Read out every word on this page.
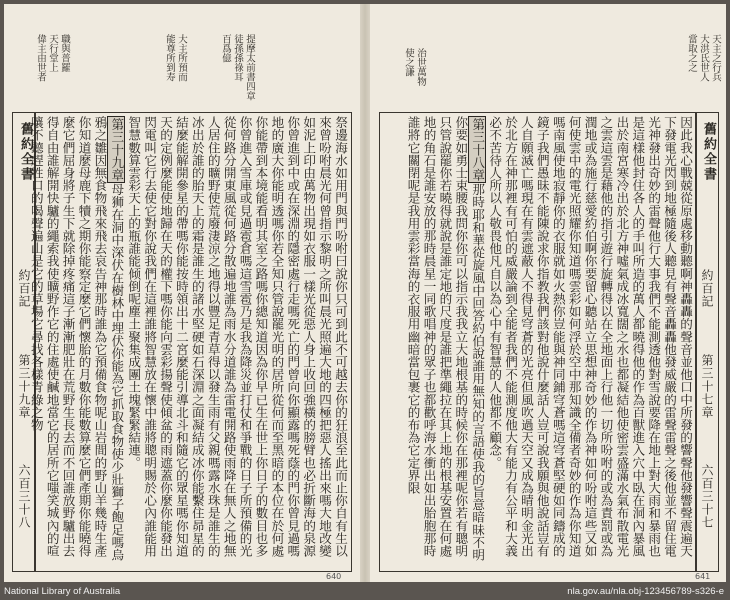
提摩太前書四章
徒孫孫祿耳
百爲億
大主所預而
能尊所到寿
職與普羅
天行堂上
偉主由世者
舊約全書
約百記
第三十九章
六百三十八	祭邊海水如用門與門吩咐曰說你只可到此不可越去你的狂浪至此而止你自有生以來曾吩咐晨光何曾指示黎明之所叫晨光照遍大地的四極把惡人搖出來嗎大地改變如泥上印由萬物出現如衣服一樣光從惡人身上收回強橫的膀臂也必折斷海的泉源你曾進到中或在深淵的隱密處行走嗎死亡的門曾向你顯露嗎死蔭的門你曾見過嗎地的廣大你能明透嗎你若全知只管說罷光明的居所從何而至黑暗的本位在於何處你能帶到本境能看明其室之路嗎你總知道因為你早已生在世上你日子的數目也多你曾進入雪庫或見過雹倉嗎這雪雹乃是我為降災並打仗和爭戰的日子所預備的光從何路分開東風從何路分散遍地誰為雨水分道誰為雷電開路使雨降在無人之地無人居住的曠野使荒廢淒涼之地得以豐足青草得以發生雨有父親嗎露水珠是誰生的冰出於誰的胎天上的霜是誰生的諸水堅硬如石深淵之面凝結成冰你能繫住昴星的結麼能解開參星的帶嗎你能按時領出十二宮麼能引導北斗和隨它的眾星嗎你知道天的定例麼能使地歸在天的權下嗎你能向雲彩揚聲使傾盆的雨遮蓋你麼你能發出閃電叫它行去使它對你說我們在這裡誰將智慧放在懷中誰將聰明賜於心內誰能用智慧數算雲彩天上的瓶誰能倾倒呢塵土聚集成團土塊緊緊結連。

第三十九章母狮在洞中深伏在樹林中埋伏你能為它抓取食物使少壯獅子飽足嗎烏鴉之雛因無食物飛來飛去哀告神那時誰為它預備食物呢山岩間的野山羊幾時生產你知道麼母鹿下犢之期你能察定麼它們懷胎的月數你能數算麼它們產期你能曉得麼它們屈身將子生下就除掉疼痛這子漸漸肥壯在荒野生長去而不回誰放野驢出去得自由誰解開快驢的繩索我使曠野作它的住處使鹹地當它的居所它嗤笑城內的喧嚷不聽趕牲口的喝聲遍山是它的草場它尋找各樣青綠之物

640
天主之行兵
大洪氏世人
當取之之
治世萬物
使之謙
舊約全書
約百記
第三十七章
六百三十七

因此我心戰兢從原處移動聽啊神轟轟的聲音並他口中所發的響聲他發響聲震遍天下發電光閃到地極隨後人聽見有聲音轟轟他發威嚴的雷聲雷聲之後他並不留住電光神發出奇妙的雷聲他行大事我們不能測透他對雪說要降在地上對大雨和暴雨也是這樣他封住各人的手叫所造的萬人都曉得他的作為百獸進入穴中臥在洞內暴風出於南宮寒冷出於北方神噓氣成冰寬闊之水也都凝結他使密雲盛滿水氣布散電光之雲這雲是藉他的指引遊行旋轉得以在全地面上行他一切所吩咐的或為責罰或為潤地或為施行慈愛約伯啊你要留心聽站立思想神奇妙的作為神如何吩咐這些又如何使雲中的電光照耀你知道嗎雲彩如何浮於空中那知識全備者奇妙的作為你知道嗎南風使地寂靜你的衣服就如火熱你豈能與神同鋪穹蒼嗎這穹蒼堅硬如同鑄成的鏡子我們愚昧不能陳說求你指教我們該對他說什麼話人豈可說我願與他說話豈有人自願滅亡嗎現在有雲遮蔽人不得見穹蒼的光亮但風吹過天空又成為晴明金光出於北方在神那裡有可怕的威嚴論到全能者我們不能測度他大有能力有公平和大義必不苦待人所以人敬畏他凡自以為心中有智慧的人他都不顧念。

第三十八章那時耶和華從旋風中回答約伯說誰用無知的言語使我的旨意暗昧不明你要如勇士束腰我問你你可以指示我我立大地根基的時候你在那裡呢你若有聰明只管說罷你若曉得就說是誰定地的尺度是誰把準繩拉在其上地的根基安置在何處地的角石是誰安放的那時晨星一同歌唱神的眾子也都歡呼海水衝出如出胎胞那時誰將它關閉呢是我用雲彩當海的衣服用幽暗當包裹它的布為它定界限

641
National Library of Australia	nla.gov.au/nla.obj-123456789-s326-e
